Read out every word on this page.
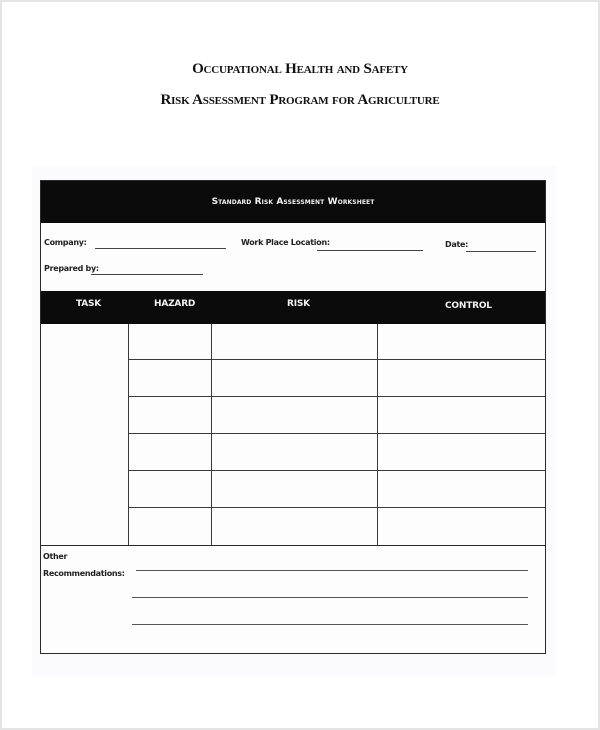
Occupational Health and Safety
Risk Assessment Program for Agriculture
Standard Risk Assessment Worksheet
Company:	Work Place Location:	Date:
Prepared by:
TASK	HAZARD	RISK	CONTROL
Other
Recommendations:
